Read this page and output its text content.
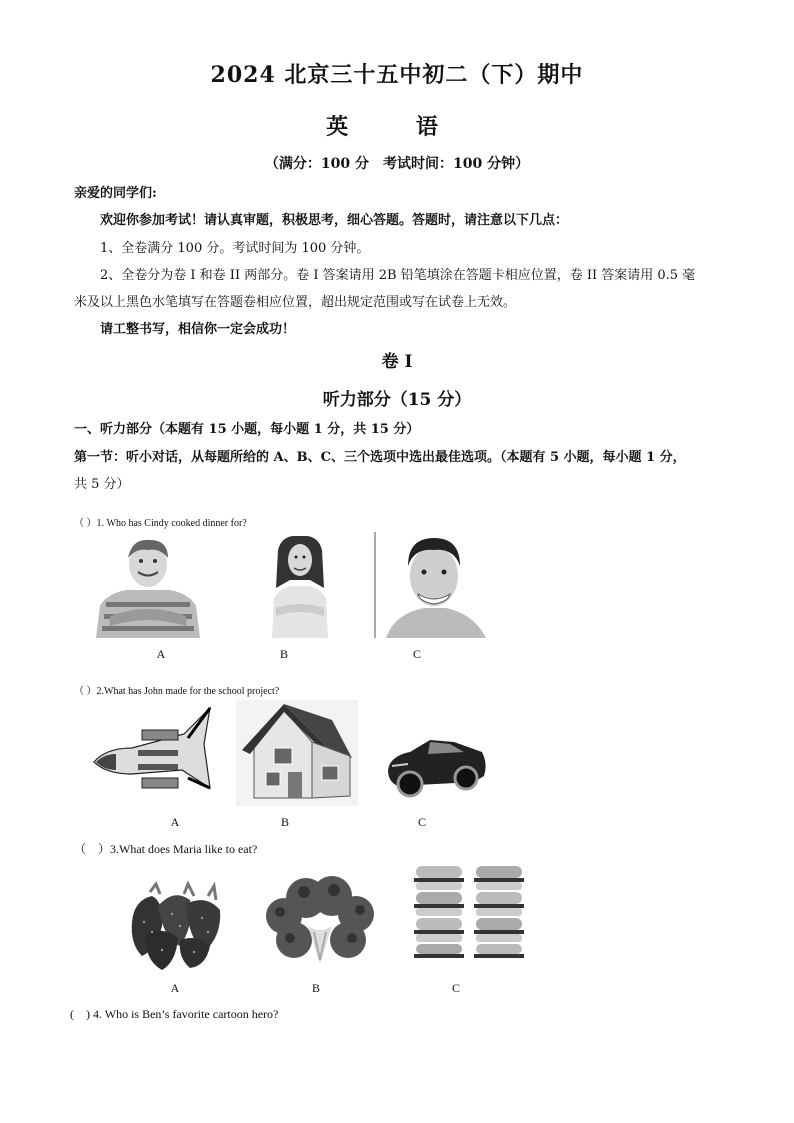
2024 北京三十五中初二（下）期中
英 语
（满分：100 分　考试时间：100 分钟）
亲爱的同学们:
欢迎你参加考试！请认真审题，积极思考，细心答题。答题时，请注意以下几点：
1、全卷满分 100 分。考试时间为 100 分钟。
2、全卷分为卷 I 和卷 II 两部分。卷 I 答案请用 2B 铅笔填涂在答题卡相应位置，卷 II 答案请用 0.5 毫
米及以上黑色水笔填写在答题卷相应位置，超出规定范围或写在试卷上无效。
请工整书写，相信你一定会成功！
卷 I
听力部分（15 分）
一、听力部分（本题有 15 小题，每小题 1 分，共 15 分）
第一节：听小对话，从每题所给的 A、B、C、三个选项中选出最佳选项。（本题有 5 小题，每小题 1 分，
共 5 分）
（ ）1. Who has Cindy cooked dinner for?
A	B	C
（ ）2.What has John made for the school project?
A	B	C
（　）3.What does Maria like to eat?
A	B	C
(　) 4. Who is Ben’s favorite cartoon hero?
